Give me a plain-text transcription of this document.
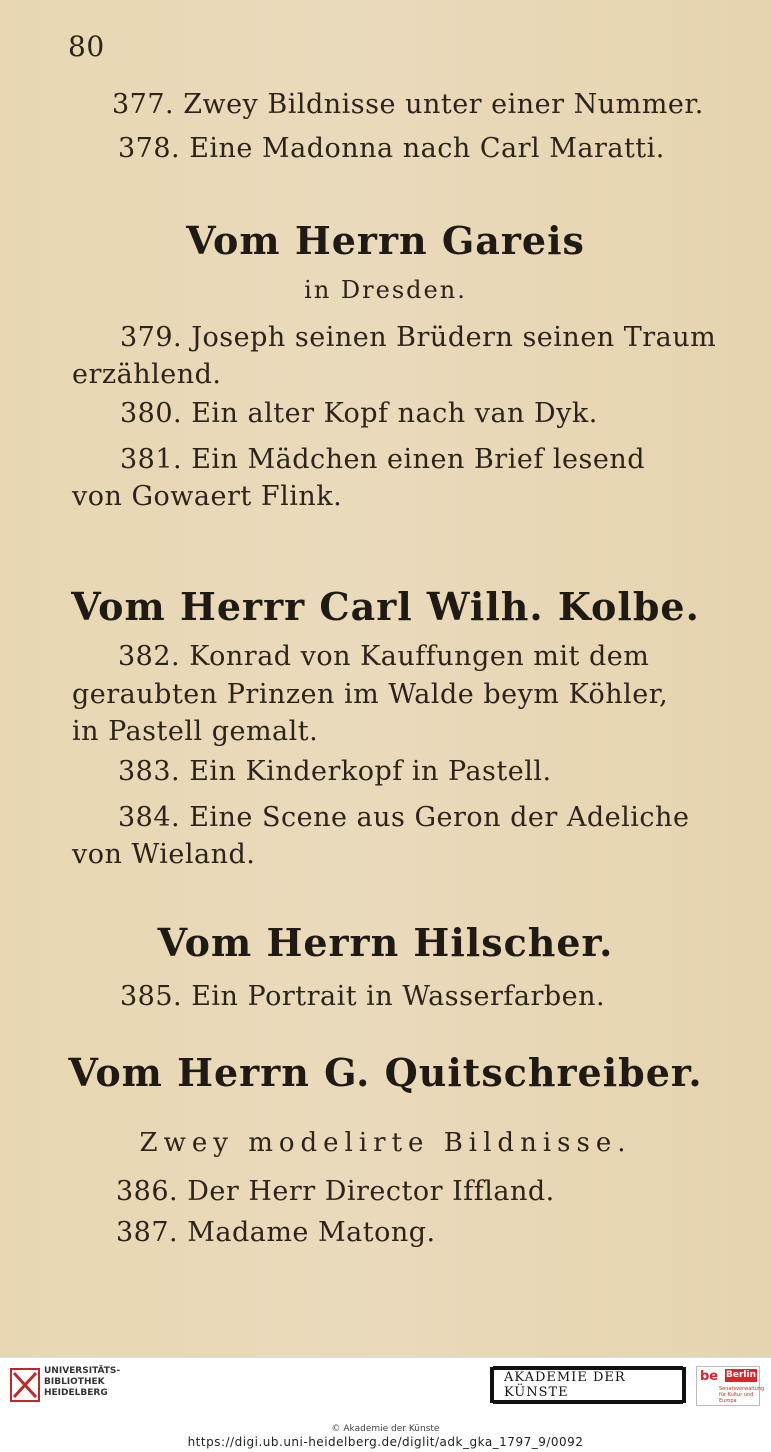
80

377. Zwey Bildnisse unter einer Nummer.

378. Eine Madonna nach Carl Maratti.

Vom Herrn Gareis

in Dresden.

379. Joseph seinen Brüdern seinen Traum

erzählend.

380. Ein alter Kopf nach van Dyk.

381. Ein Mädchen einen Brief lesend

von Gowaert Flink.

Vom Herrr Carl Wilh. Kolbe.

382. Konrad von Kauffungen mit dem

geraubten Prinzen im Walde beym Köhler,

in Pastell gemalt.

383. Ein Kinderkopf in Pastell.

384. Eine Scene aus Geron der Adeliche

von Wieland.

Vom Herrn Hilscher.

385. Ein Portrait in Wasserfarben.

Vom Herrn G. Quitschreiber.

Zwey modelirte Bildnisse.

386. Der Herr Director Iffland.

387. Madame Matong.

UNIVERSITÄTS-
BIBLIOTHEK
HEIDELBERG
AKADEMIE DER KÜNSTE
be Berlin
Senatsverwaltung für Kultur und Europa
© Akademie der Künste
https://digi.ub.uni-heidelberg.de/diglit/adk_gka_1797_9/0092
